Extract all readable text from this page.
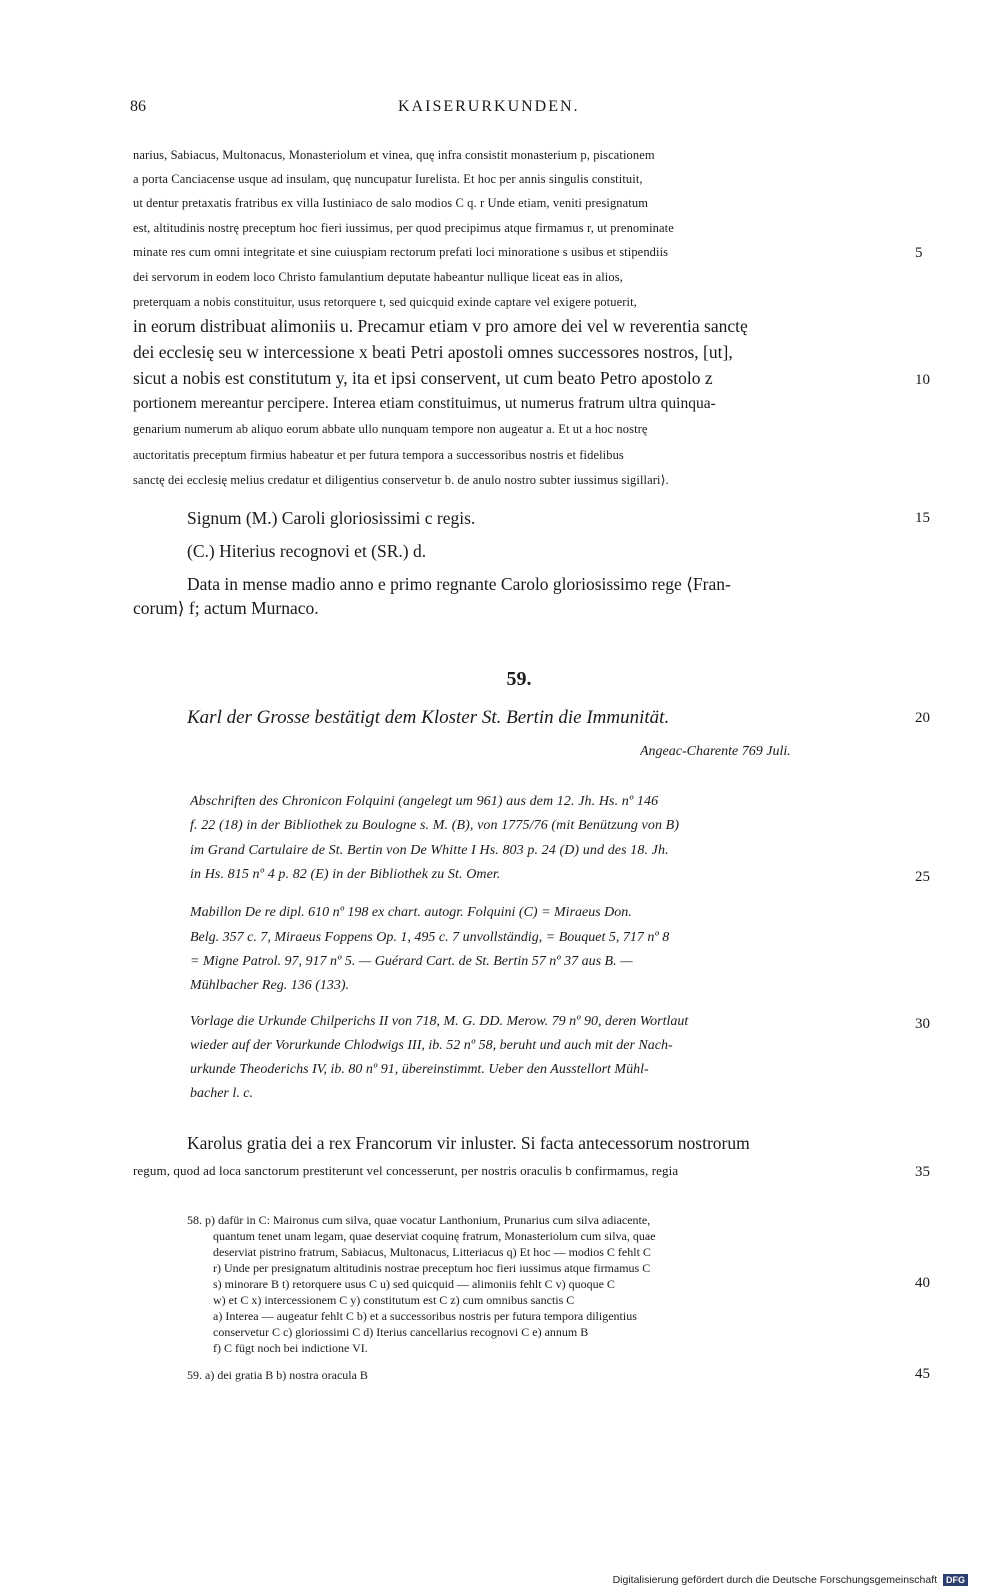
86	KAISERURKUNDEN.
narius, Sabiacus, Multonacus, Monasteriolum et vinea, quę infra consistit monasterium p, piscationem
a porta Canciacense usque ad insulam, quę nuncupatur Iurelista. Et hoc per annis singulis constituit,
ut dentur pretaxatis fratribus ex villa Iustiniaco de salo modios C q. r Unde etiam, veniti presignatum
est, altitudinis nostrę preceptum hoc fieri iussimus, per quod precipimus atque firmamus r, ut prenominate
minate res cum omni integritate et sine cuiuspiam rectorum prefati loci minoratione s usibus et stipendiis
dei servorum in eodem loco Christo famulantium deputate habeantur nullique liceat eas in alios,
preterquam a nobis constituitur, usus retorquere t, sed quicquid exinde captare vel exigere potuerit,
in eorum distribuat alimoniis u. Precamur etiam v pro amore dei vel w reverentia sanctę
dei ecclesię seu w intercessione x beati Petri apostoli omnes successores nostros, [ut],
sicut a nobis est constitutum y, ita et ipsi conservent, ut cum beato Petro apostolo z
portionem mereantur percipere. Interea etiam constituimus, ut numerus fratrum ultra quinqua-
genarium numerum ab aliquo eorum abbate ullo nunquam tempore non augeatur a. Et ut a hoc nostrę
auctoritatis preceptum firmius habeatur et per futura tempora a successoribus nostris et fidelibus
sanctę dei ecclesię melius credatur et diligentius conservetur b. de anulo nostro subter iussimus sigillari⟩.
Signum (M.) Caroli gloriosissimi c regis.
(C.) Hiterius recognovi et (SR.) d.
Data in mense madio anno e primo regnante Carolo gloriosissimo rege ⟨Fran-
corum⟩ f; actum Murnaco.
59.
Karl der Grosse bestätigt dem Kloster St. Bertin die Immunität.
Angeac-Charente 769 Juli.
Abschriften des Chronicon Folquini (angelegt um 961) aus dem 12. Jh. Hs. nº 146
f. 22 (18) in der Bibliothek zu Boulogne s. M. (B), von 1775/76 (mit Benützung von B)
im Grand Cartulaire de St. Bertin von De Whitte I Hs. 803 p. 24 (D) und des 18. Jh.
in Hs. 815 nº 4 p. 82 (E) in der Bibliothek zu St. Omer.
Mabillon De re dipl. 610 nº 198 ex chart. autogr. Folquini (C) = Miraeus Don.
Belg. 357 c. 7, Miraeus Foppens Op. 1, 495 c. 7 unvollständig, = Bouquet 5, 717 nº 8
= Migne Patrol. 97, 917 nº 5. — Guérard Cart. de St. Bertin 57 nº 37 aus B. —
Mühlbacher Reg. 136 (133).
Vorlage die Urkunde Chilperichs II von 718, M. G. DD. Merow. 79 nº 90, deren Wortlaut
wieder auf der Vorurkunde Chlodwigs III, ib. 52 nº 58, beruht und auch mit der Nach-
urkunde Theoderichs IV, ib. 80 nº 91, übereinstimmt. Ueber den Ausstellort Mühl-
bacher l. c.
Karolus gratia dei a rex Francorum vir inluster. Si facta antecessorum nostrorum
regum, quod ad loca sanctorum prestiterunt vel concesserunt, per nostris oraculis b confirmamus, regia
58. p) dafür in C: Maironus cum silva, quae vocatur Lanthonium, Prunarius cum silva adiacente,
quantum tenet unam legam, quae deserviat coquinę fratrum, Monasteriolum cum silva, quae
deserviat pistrino fratrum, Sabiacus, Multonacus, Litteriacus q) Et hoc — modios C fehlt C
r) Unde per presignatum altitudinis nostrae preceptum hoc fieri iussimus atque firmamus C
s) minorare B t) retorquere usus C u) sed quicquid — alimoniis fehlt C v) quoque C
w) et C x) intercessionem C y) constitutum est C z) cum omnibus sanctis C
a) Interea — augeatur fehlt C b) et a successoribus nostris per futura tempora diligentius
conservetur C c) gloriossimi C d) Iterius cancellarius recognovi C e) annum B
f) C fügt noch bei indictione VI.
59. a) dei gratia B b) nostra oracula B
5
10
15
20
25
30
35
40
45
Digitalisierung gefördert durch die Deutsche Forschungsgemeinschaft DFG
